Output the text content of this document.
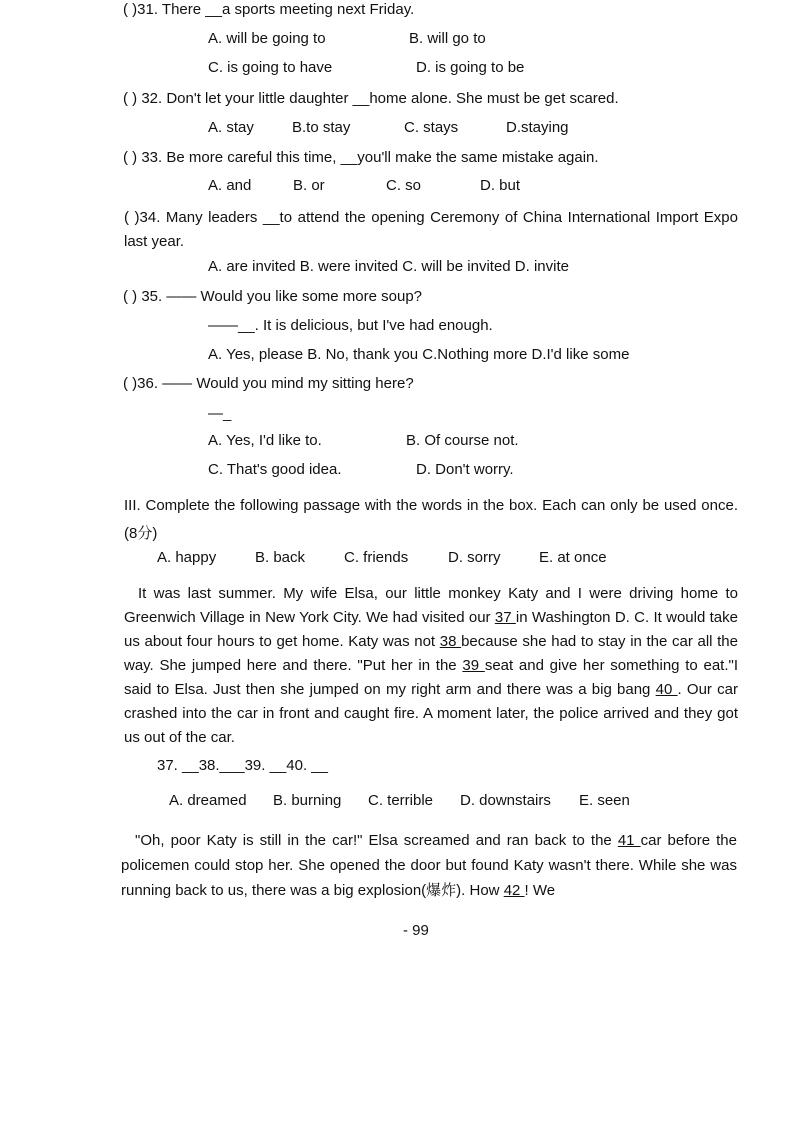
( )31. There __a sports meeting next Friday.
A. will be going to	B. will go to
C. is going to have	D. is going to be
( ) 32. Don't let your little daughter __home alone. She must be get scared.
A. stay	B.to stay	C. stays	D.staying
( ) 33. Be more careful this time, __you'll make the same mistake again.
A. and	B. or	C. so	D. but
( )34. Many leaders __to attend the opening Ceremony of China International Import Expo last year.
A. are invited B. were invited C. will be invited D. invite
( ) 35. —— Would you like some more soup?
——__. It is delicious, but I've had enough.
A. Yes, please B. No, thank you C.Nothing more D.I'd like some
( )36. —— Would you mind my sitting here?
—_
A. Yes, I'd like to.	B. Of course not.
C. That's good idea.	D. Don't worry.
III. Complete the following passage with the words in the box. Each can only be used once. (8分)
A. happy	B. back	C. friends	D. sorry	E. at once
It was last summer. My wife Elsa, our little monkey Katy and I were driving home to Greenwich Village in New York City. We had visited our 37 in Washington D. C. It would take us about four hours to get home. Katy was not 38 because she had to stay in the car all the way. She jumped here and there. "Put her in the 39 seat and give her something to eat."I said to Elsa. Just then she jumped on my right arm and there was a big bang 40 . Our car crashed into the car in front and caught fire. A moment later, the police arrived and they got us out of the car.
37. __38.___39. __40. __
A. dreamed	B. burning	C. terrible	D. downstairs	E. seen
"Oh, poor Katy is still in the car!" Elsa screamed and ran back to the 41 car before the policemen could stop her. She opened the door but found Katy wasn't there. While she was running back to us, there was a big explosion(爆炸). How 42 ! We
- 99
